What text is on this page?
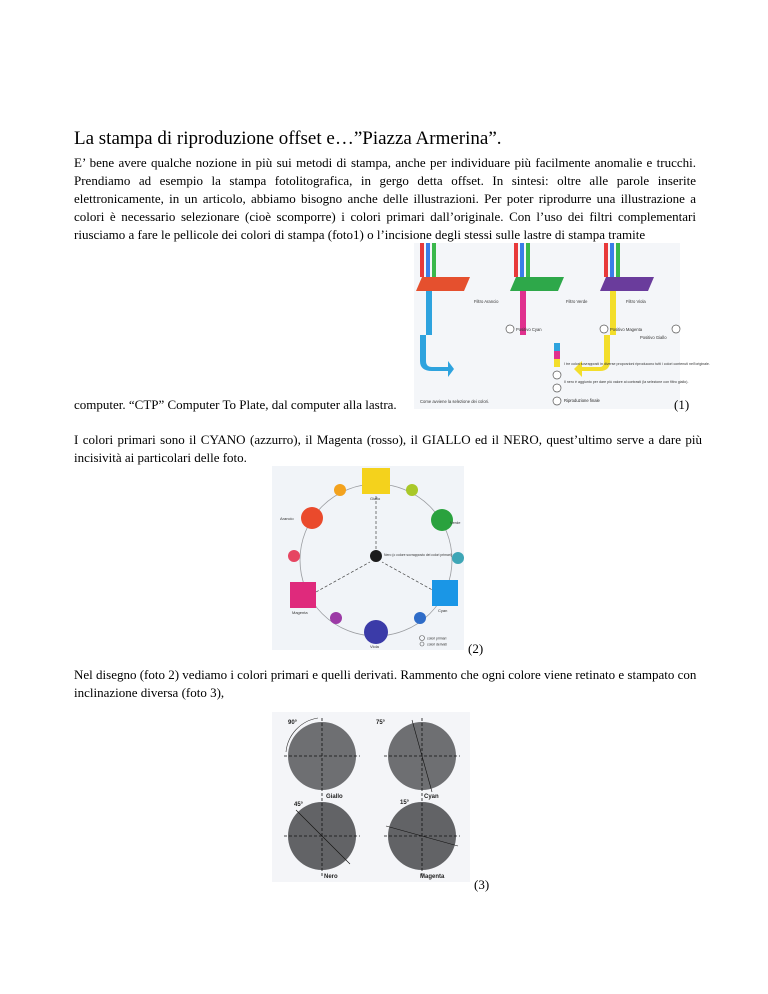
La stampa di riproduzione offset e…”Piazza Armerina”.

E’ bene avere qualche nozione in più sui metodi di stampa, anche per individuare più facilmente anomalie e trucchi. Prendiamo ad esempio la stampa fotolitografica, in gergo detta offset. In sintesi: oltre alle parole inserite elettronicamente, in un articolo, abbiamo bisogno anche delle illustrazioni. Per poter riprodurre una illustrazione a colori è necessario selezionare (cioè scomporre) i colori primari dall’originale. Con l’uso dei filtri complementari riusciamo a fare le pellicole dei colori di stampa (foto1) o l’incisione degli stessi sulle lastre di stampa tramite

Filtro Arancio	Filtro Verde	Filtro Viola
Positivo Cyan	Positivo Magenta
Positivo Giallo
I tre colori sovrapposti in diverse proporzioni riproducono tutti i colori contenuti nell'originale.
Il nero è aggiunto per dare più valore ai contrasti (la selezione con filtro giallo).
Riproduzione finale
Come avviene la selezione dei colori.
computer. “CTP” Computer To Plate, dal computer alla lastra.	(1)

I colori primari sono il CYANO (azzurro), il Magenta (rosso), il GIALLO ed il NERO, quest’ultimo serve a dare più incisività ai particolari delle foto.

Giallo
Arancio
Verde
Magenta	Cyan
Viola
Nero (o colore sovrapposto dei colori primari)
colori primari
colori derivati (2)

Nel disegno (foto 2) vediamo i colori primari e quelli derivati. Rammento che ogni colore viene retinato e stampato con inclinazione diversa (foto 3),

90°	75°
45°	15°
Giallo	Cyan
Nero	Magenta (3)
